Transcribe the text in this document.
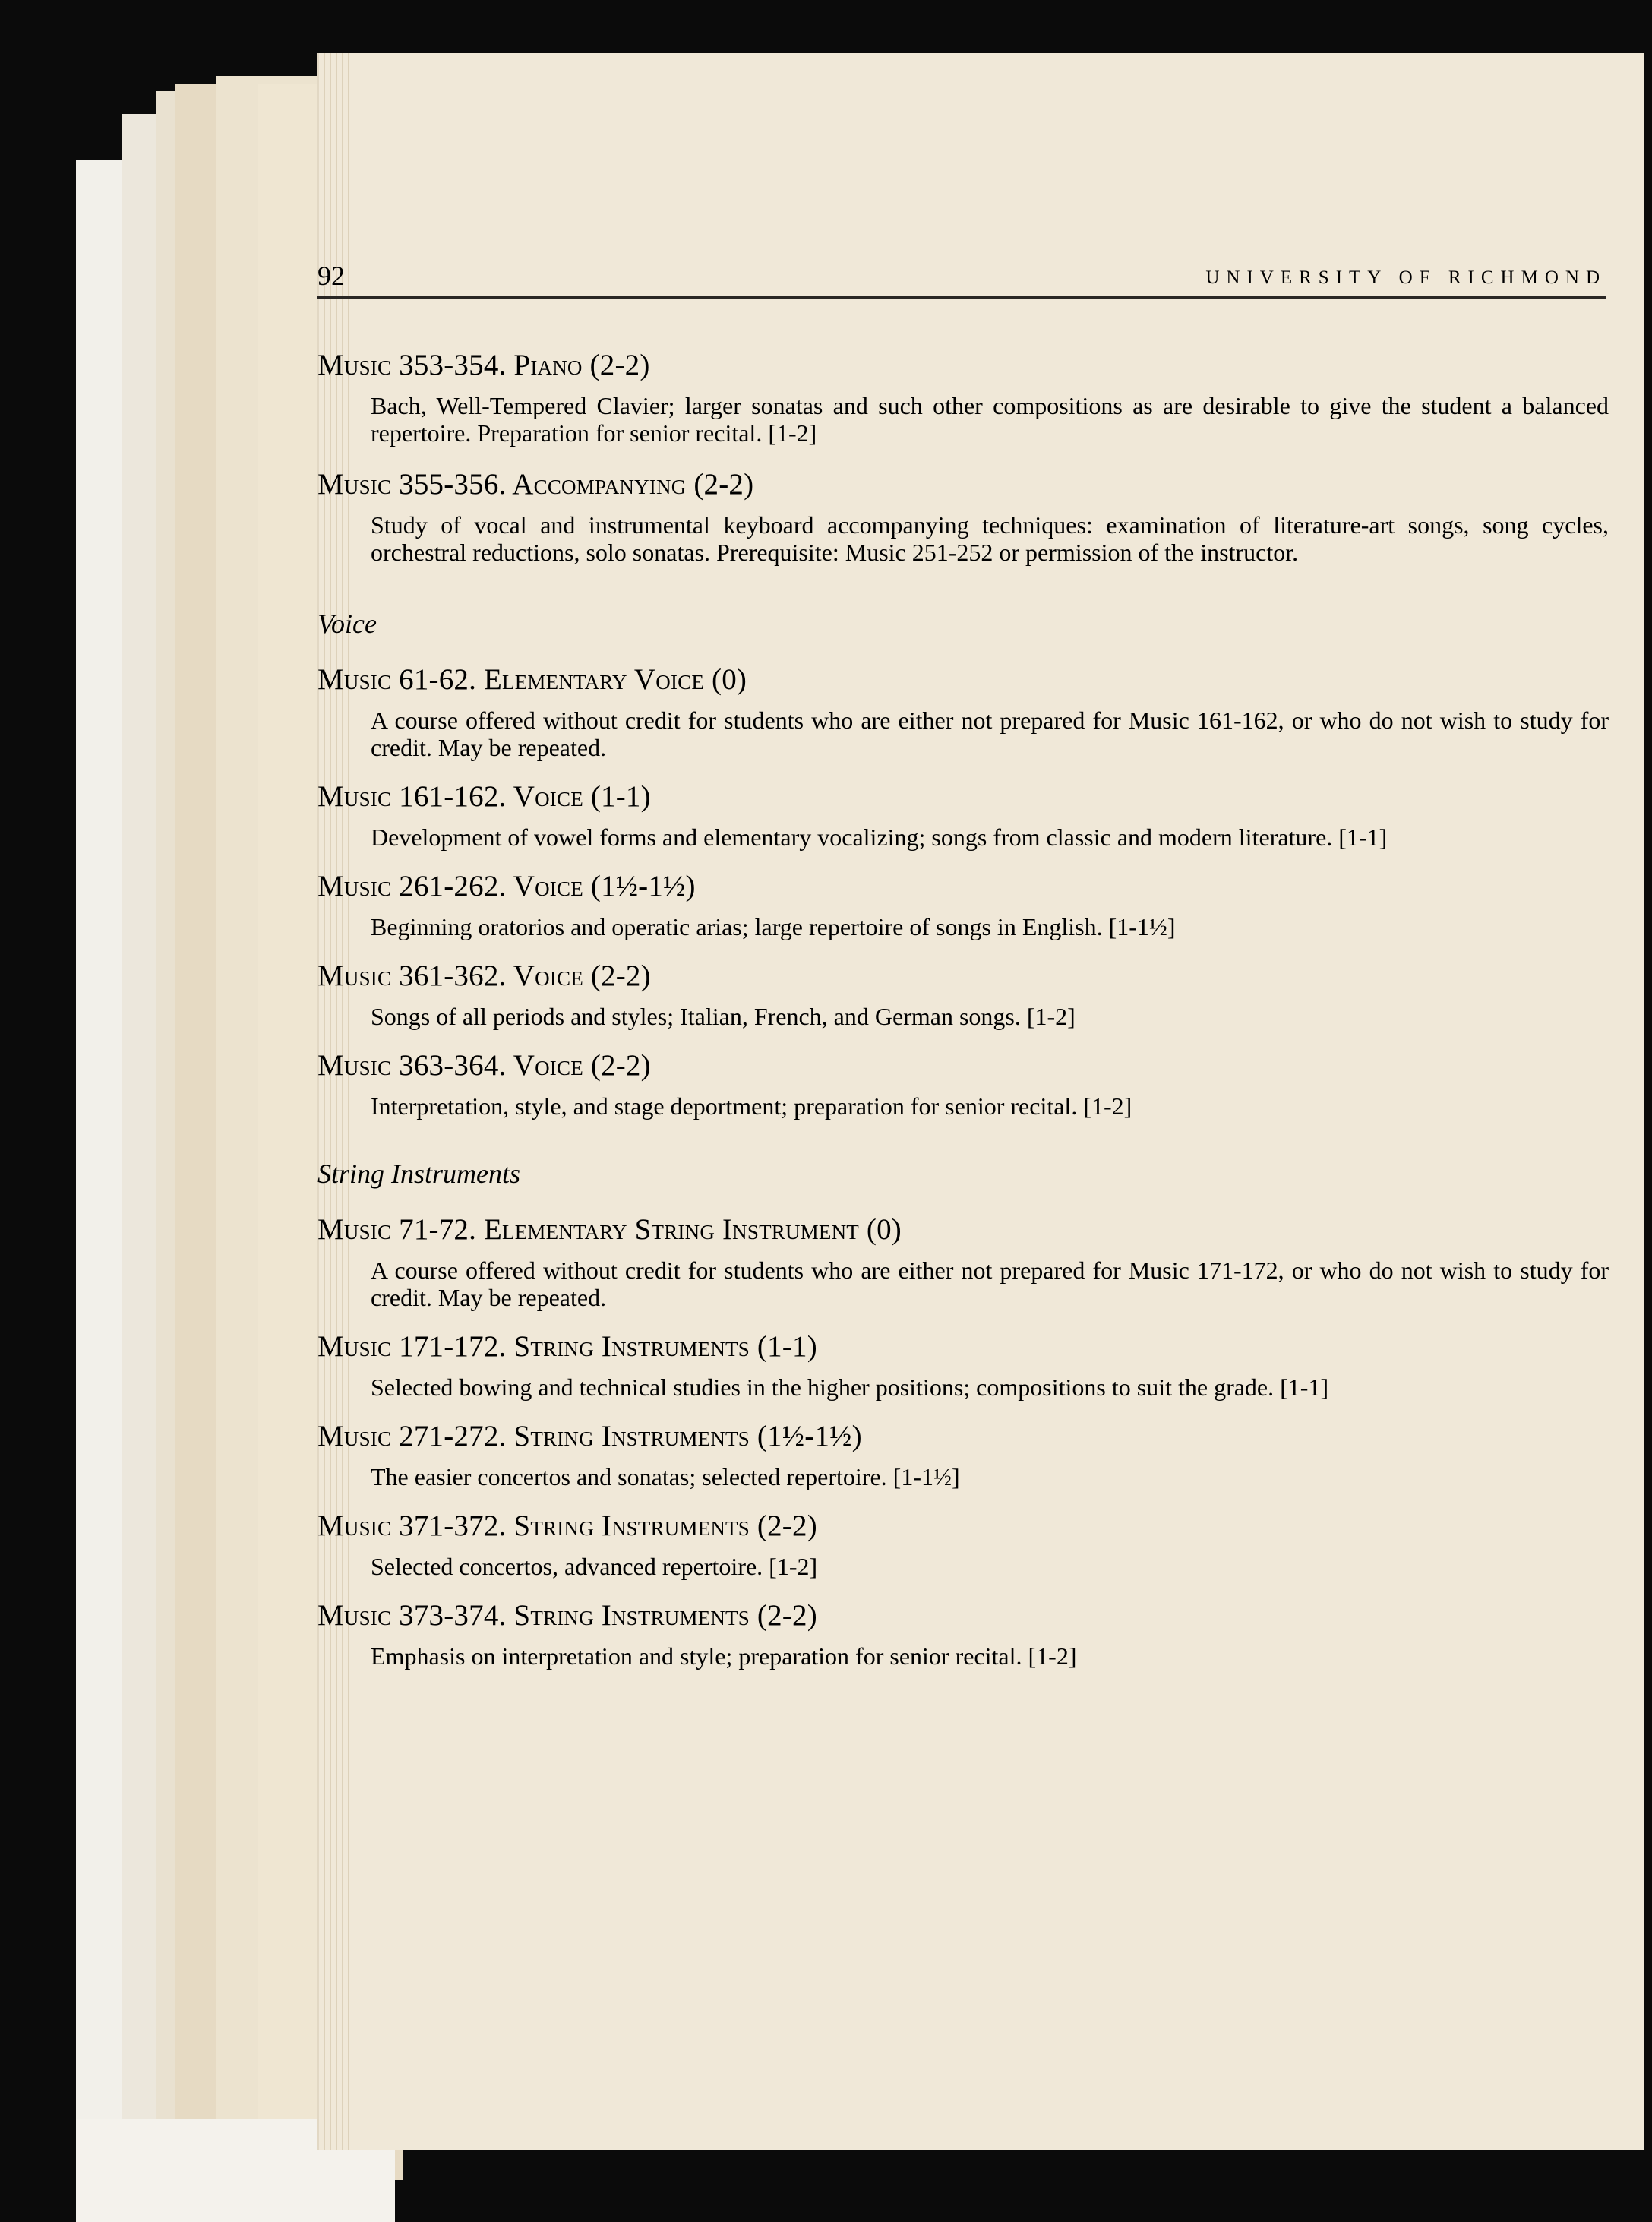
92	UNIVERSITY OF RICHMOND
Music 353-354. Piano (2-2)
Bach, Well-Tempered Clavier; larger sonatas and such other compositions as are desirable to give the student a balanced repertoire. Preparation for senior recital. [1-2]
Music 355-356. Accompanying (2-2)
Study of vocal and instrumental keyboard accompanying techniques: examination of literature-art songs, song cycles, orchestral reductions, solo sonatas. Prerequisite: Music 251-252 or permission of the instructor.
Voice
Music 61-62. Elementary Voice (0)
A course offered without credit for students who are either not prepared for Music 161-162, or who do not wish to study for credit. May be repeated.
Music 161-162. Voice (1-1)
Development of vowel forms and elementary vocalizing; songs from classic and modern literature. [1-1]
Music 261-262. Voice (1½-1½)
Beginning oratorios and operatic arias; large repertoire of songs in English. [1-1½]
Music 361-362. Voice (2-2)
Songs of all periods and styles; Italian, French, and German songs. [1-2]
Music 363-364. Voice (2-2)
Interpretation, style, and stage deportment; preparation for senior recital. [1-2]
String Instruments
Music 71-72. Elementary String Instrument (0)
A course offered without credit for students who are either not prepared for Music 171-172, or who do not wish to study for credit. May be repeated.
Music 171-172. String Instruments (1-1)
Selected bowing and technical studies in the higher positions; compositions to suit the grade. [1-1]
Music 271-272. String Instruments (1½-1½)
The easier concertos and sonatas; selected repertoire. [1-1½]
Music 371-372. String Instruments (2-2)
Selected concertos, advanced repertoire. [1-2]
Music 373-374. String Instruments (2-2)
Emphasis on interpretation and style; preparation for senior recital. [1-2]
